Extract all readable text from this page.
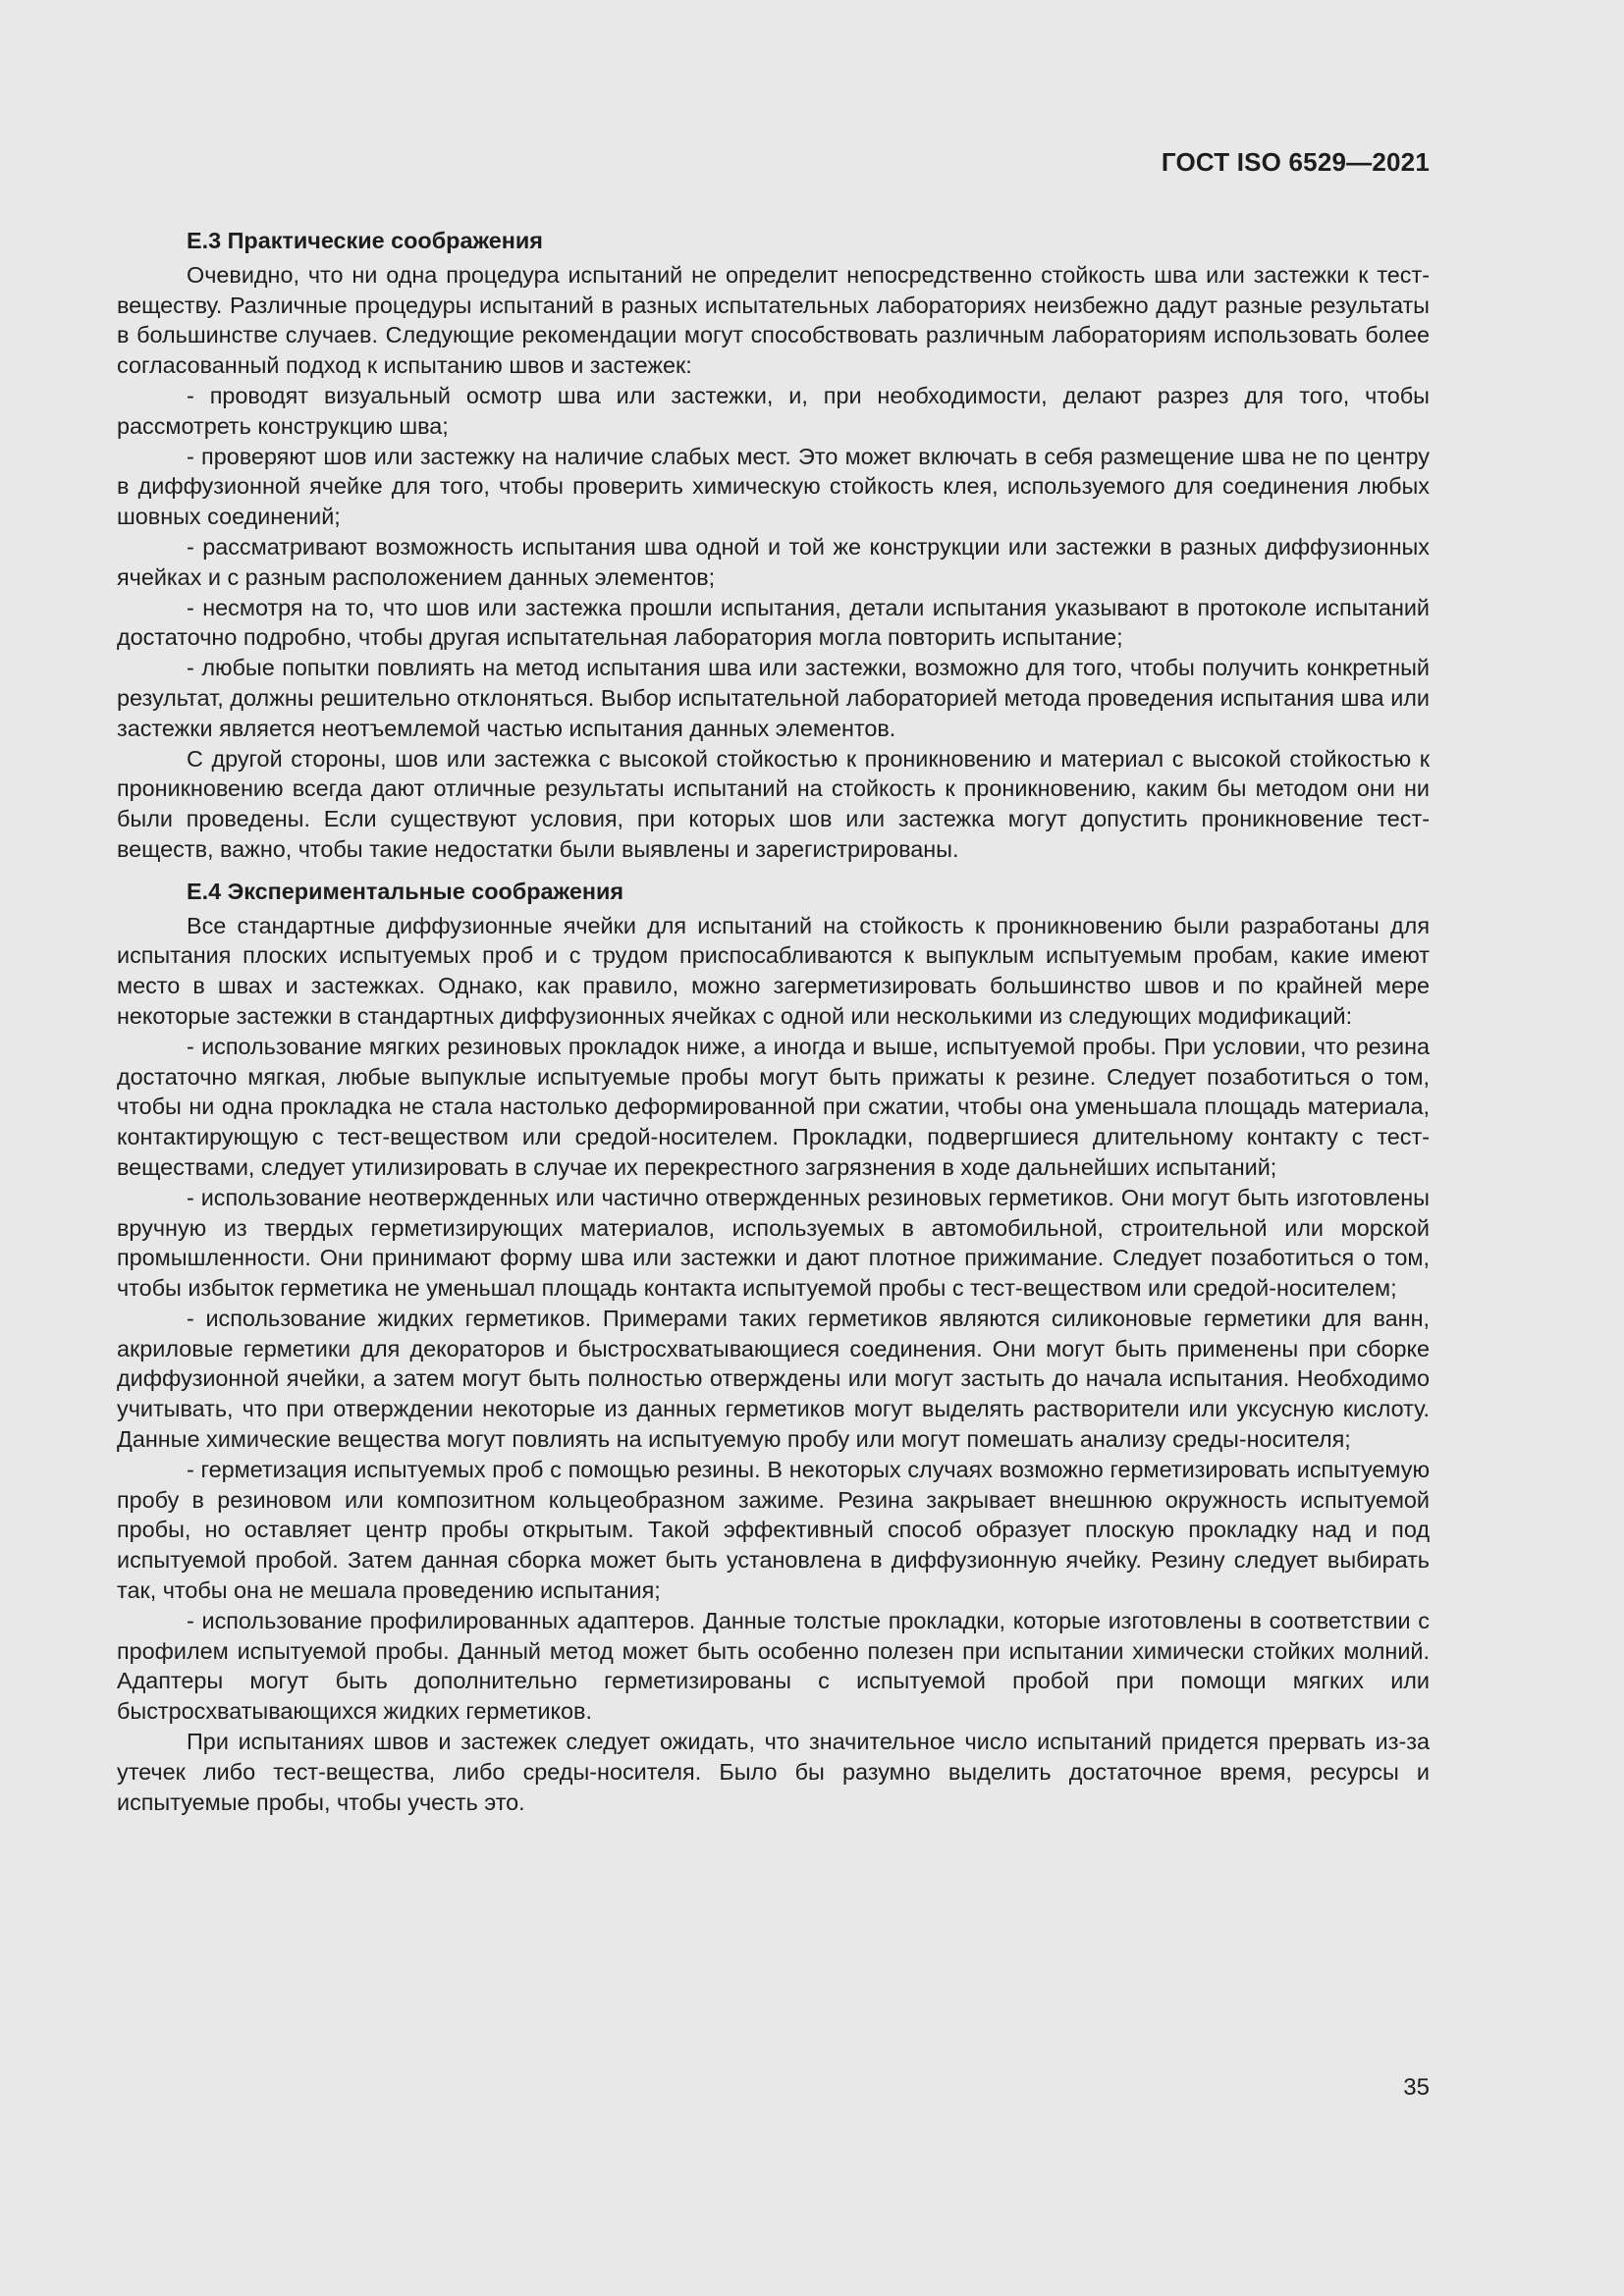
ГОСТ ISO 6529—2021
Е.3 Практические соображения

Очевидно, что ни одна процедура испытаний не определит непосредственно стойкость шва или застежки к тест-веществу. Различные процедуры испытаний в разных испытательных лабораториях неизбежно дадут разные результаты в большинстве случаев. Следующие рекомендации могут способствовать различным лабораториям использовать более согласованный подход к испытанию швов и застежек:

- проводят визуальный осмотр шва или застежки, и, при необходимости, делают разрез для того, чтобы рассмотреть конструкцию шва;

- проверяют шов или застежку на наличие слабых мест. Это может включать в себя размещение шва не по центру в диффузионной ячейке для того, чтобы проверить химическую стойкость клея, используемого для соединения любых шовных соединений;

- рассматривают возможность испытания шва одной и той же конструкции или застежки в разных диффузионных ячейках и с разным расположением данных элементов;

- несмотря на то, что шов или застежка прошли испытания, детали испытания указывают в протоколе испытаний достаточно подробно, чтобы другая испытательная лаборатория могла повторить испытание;

- любые попытки повлиять на метод испытания шва или застежки, возможно для того, чтобы получить конкретный результат, должны решительно отклоняться. Выбор испытательной лабораторией метода проведения испытания шва или застежки является неотъемлемой частью испытания данных элементов.

С другой стороны, шов или застежка с высокой стойкостью к проникновению и материал с высокой стойкостью к проникновению всегда дают отличные результаты испытаний на стойкость к проникновению, каким бы методом они ни были проведены. Если существуют условия, при которых шов или застежка могут допустить проникновение тест-веществ, важно, чтобы такие недостатки были выявлены и зарегистрированы.

Е.4 Экспериментальные соображения

Все стандартные диффузионные ячейки для испытаний на стойкость к проникновению были разработаны для испытания плоских испытуемых проб и с трудом приспосабливаются к выпуклым испытуемым пробам, какие имеют место в швах и застежках. Однако, как правило, можно загерметизировать большинство швов и по крайней мере некоторые застежки в стандартных диффузионных ячейках с одной или несколькими из следующих модификаций:

- использование мягких резиновых прокладок ниже, а иногда и выше, испытуемой пробы. При условии, что резина достаточно мягкая, любые выпуклые испытуемые пробы могут быть прижаты к резине. Следует позаботиться о том, чтобы ни одна прокладка не стала настолько деформированной при сжатии, чтобы она уменьшала площадь материала, контактирующую с тест-веществом или средой-носителем. Прокладки, подвергшиеся длительному контакту с тест-веществами, следует утилизировать в случае их перекрестного загрязнения в ходе дальнейших испытаний;

- использование неотвержденных или частично отвержденных резиновых герметиков. Они могут быть изготовлены вручную из твердых герметизирующих материалов, используемых в автомобильной, строительной или морской промышленности. Они принимают форму шва или застежки и дают плотное прижимание. Следует позаботиться о том, чтобы избыток герметика не уменьшал площадь контакта испытуемой пробы с тест-веществом или средой-носителем;

- использование жидких герметиков. Примерами таких герметиков являются силиконовые герметики для ванн, акриловые герметики для декораторов и быстросхватывающиеся соединения. Они могут быть применены при сборке диффузионной ячейки, а затем могут быть полностью отверждены или могут застыть до начала испытания. Необходимо учитывать, что при отверждении некоторые из данных герметиков могут выделять растворители или уксусную кислоту. Данные химические вещества могут повлиять на испытуемую пробу или могут помешать анализу среды-носителя;

- герметизация испытуемых проб с помощью резины. В некоторых случаях возможно герметизировать испытуемую пробу в резиновом или композитном кольцеобразном зажиме. Резина закрывает внешнюю окружность испытуемой пробы, но оставляет центр пробы открытым. Такой эффективный способ образует плоскую прокладку над и под испытуемой пробой. Затем данная сборка может быть установлена в диффузионную ячейку. Резину следует выбирать так, чтобы она не мешала проведению испытания;

- использование профилированных адаптеров. Данные толстые прокладки, которые изготовлены в соответствии с профилем испытуемой пробы. Данный метод может быть особенно полезен при испытании химически стойких молний. Адаптеры могут быть дополнительно герметизированы с испытуемой пробой при помощи мягких или быстросхватывающихся жидких герметиков.

При испытаниях швов и застежек следует ожидать, что значительное число испытаний придется прервать из-за утечек либо тест-вещества, либо среды-носителя. Было бы разумно выделить достаточное время, ресурсы и испытуемые пробы, чтобы учесть это.

35
